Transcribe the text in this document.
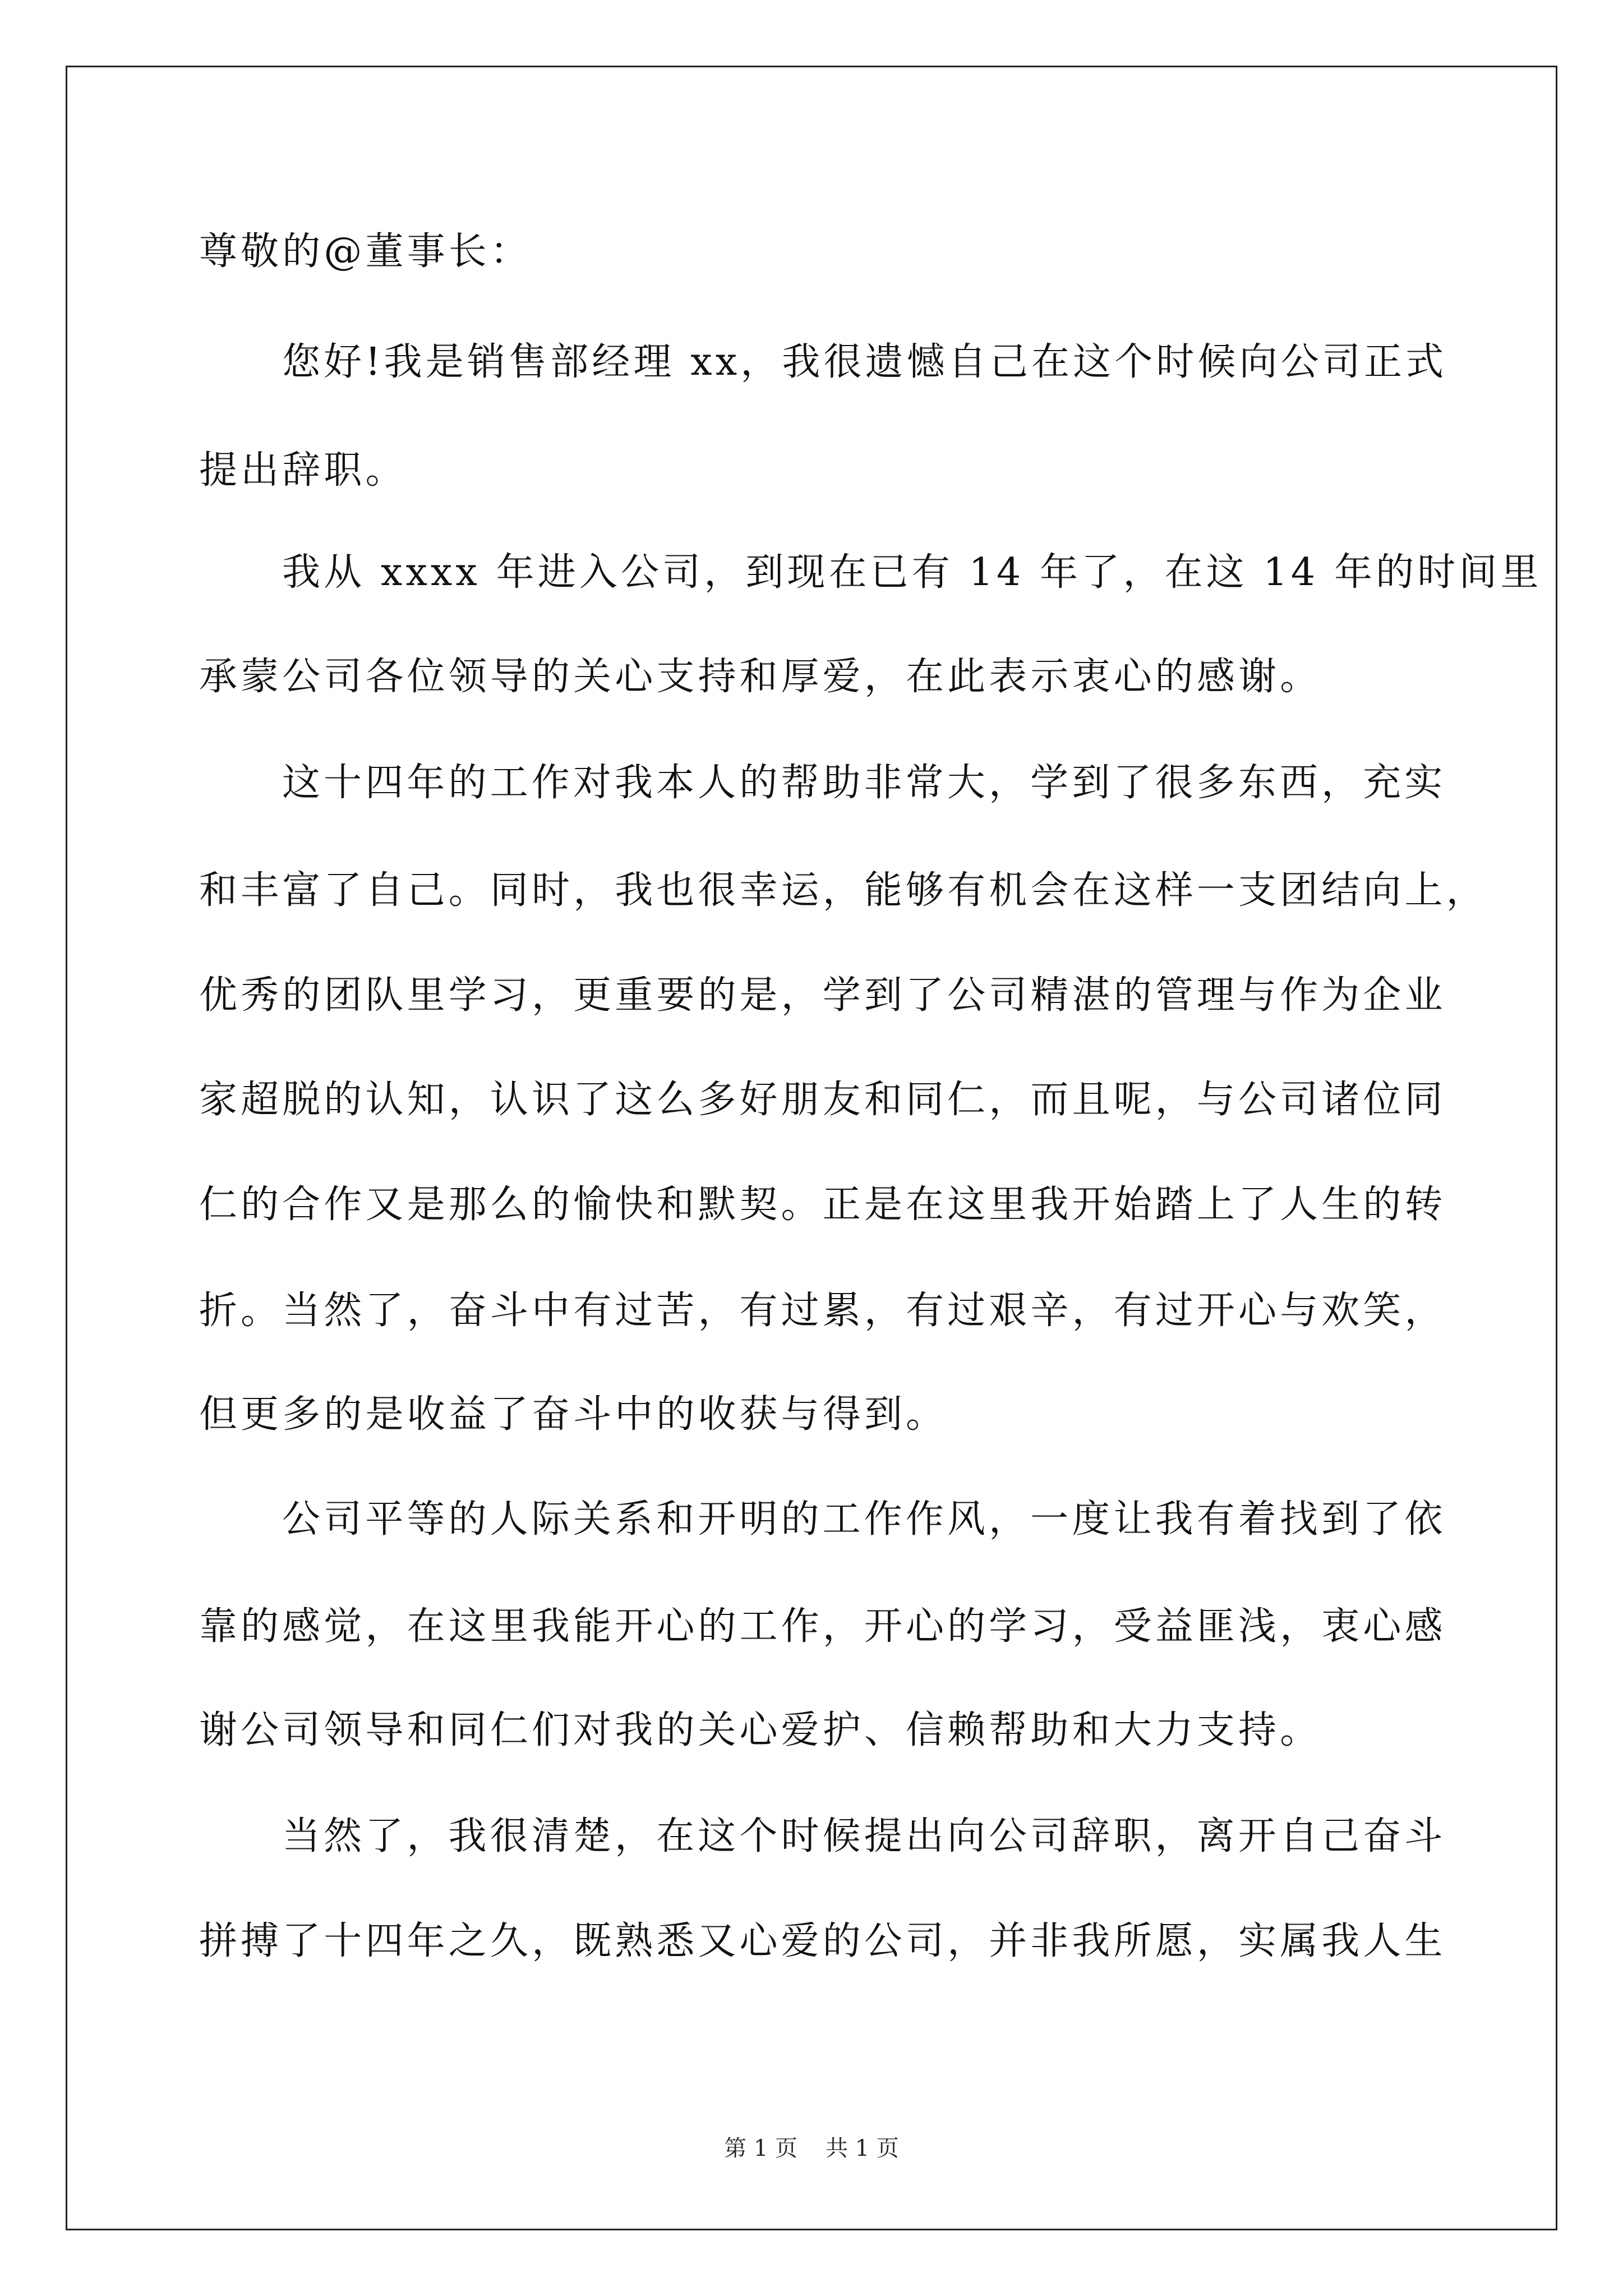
尊敬的@董事长：
您好!我是销售部经理 xx，我很遗憾自己在这个时候向公司正式
提出辞职。
我从 xxxx 年进入公司，到现在已有 14 年了，在这 14 年的时间里
承蒙公司各位领导的关心支持和厚爱，在此表示衷心的感谢。
这十四年的工作对我本人的帮助非常大，学到了很多东西，充实
和丰富了自己。同时，我也很幸运，能够有机会在这样一支团结向上，
优秀的团队里学习，更重要的是，学到了公司精湛的管理与作为企业
家超脱的认知，认识了这么多好朋友和同仁，而且呢，与公司诸位同
仁的合作又是那么的愉快和默契。正是在这里我开始踏上了人生的转
折。当然了，奋斗中有过苦，有过累，有过艰辛，有过开心与欢笑，
但更多的是收益了奋斗中的收获与得到。
公司平等的人际关系和开明的工作作风，一度让我有着找到了依
靠的感觉，在这里我能开心的工作，开心的学习，受益匪浅，衷心感
谢公司领导和同仁们对我的关心爱护、信赖帮助和大力支持。
当然了，我很清楚，在这个时候提出向公司辞职，离开自己奋斗
拼搏了十四年之久，既熟悉又心爱的公司，并非我所愿，实属我人生
第 1 页 共 1 页
